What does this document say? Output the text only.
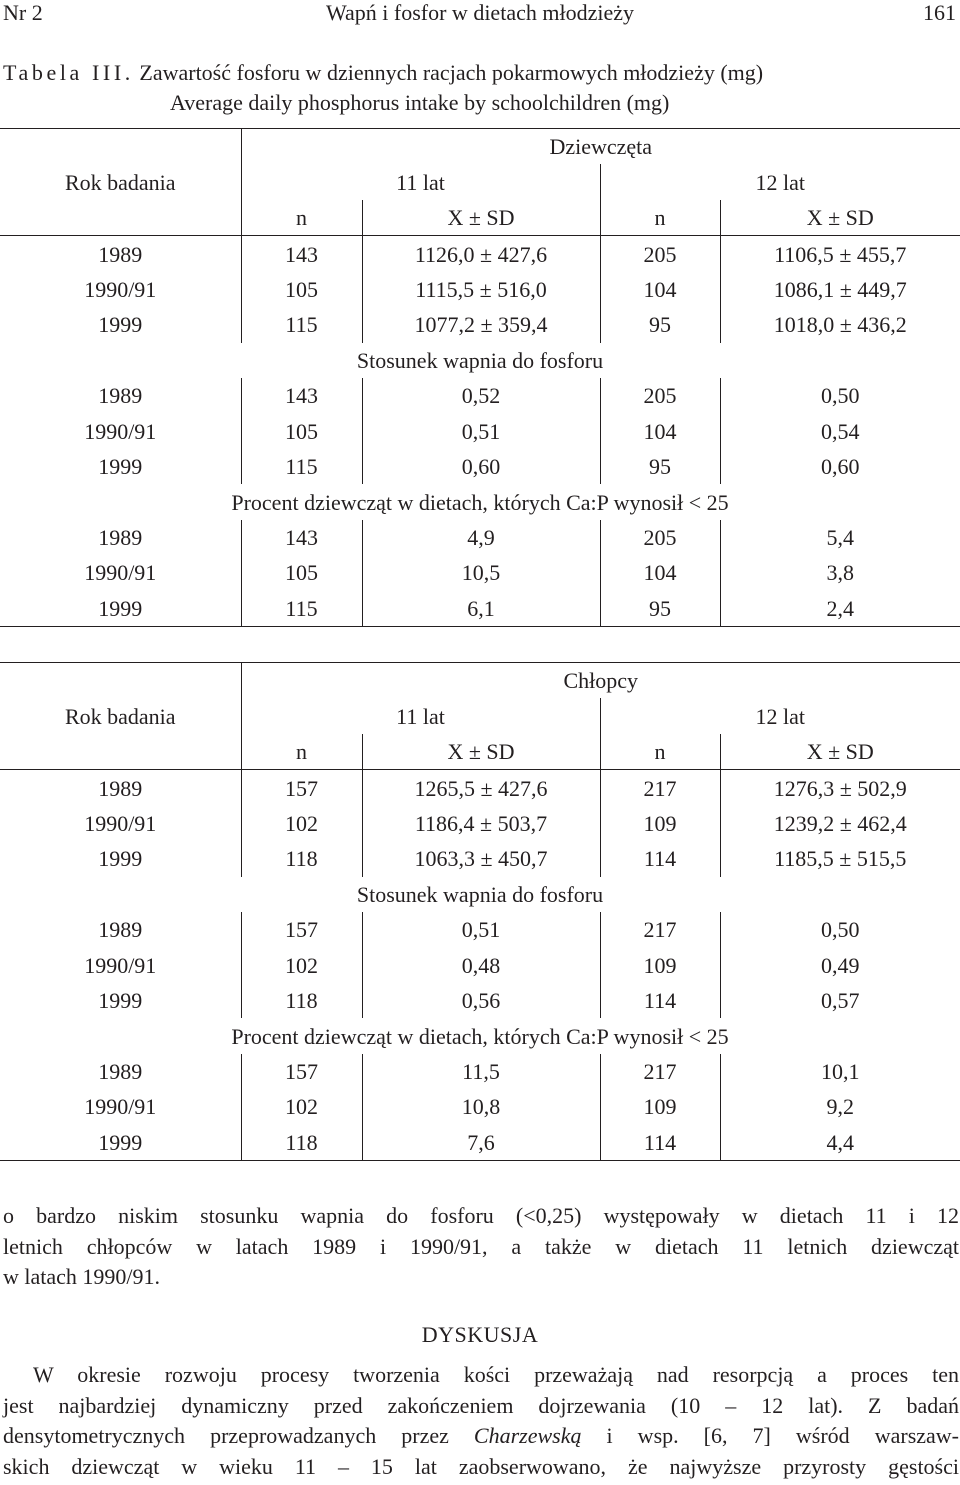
Nr 2	Wapń i fosfor w dietach młodzieży	161
Tabela III. Zawartość fosforu w dziennych racjach pokarmowych młodzieży (mg)
Average daily phosphorus intake by schoolchildren (mg)
Rok badania	Dziewczęta			
	11 lat		12 lat	
	n	X ± SD	n	X ± SD
1989	143	1126,0 ± 427,6	205	1106,5 ± 455,7
1990/91	105	1115,5 ± 516,0	104	1086,1 ± 449,7
1999	115	1077,2 ± 359,4	95	1018,0 ± 436,2
Stosunek wapnia do fosforu				
1989	143	0,52	205	0,50
1990/91	105	0,51	104	0,54
1999	115	0,60	95	0,60
Procent dziewcząt w dietach, których Ca:P wynosił < 25				
1989	143	4,9	205	5,4
1990/91	105	10,5	104	3,8
1999	115	6,1	95	2,4
Rok badania	Chłopcy			
	11 lat		12 lat	
	n	X ± SD	n	X ± SD
1989	157	1265,5 ± 427,6	217	1276,3 ± 502,9
1990/91	102	1186,4 ± 503,7	109	1239,2 ± 462,4
1999	118	1063,3 ± 450,7	114	1185,5 ± 515,5
Stosunek wapnia do fosforu				
1989	157	0,51	217	0,50
1990/91	102	0,48	109	0,49
1999	118	0,56	114	0,57
Procent dziewcząt w dietach, których Ca:P wynosił < 25				
1989	157	11,5	217	10,1
1990/91	102	10,8	109	9,2
1999	118	7,6	114	4,4
o bardzo niskim stosunku wapnia do fosforu (<0,25) występowały w dietach 11 i 12
letnich chłopców w latach 1989 i 1990/91, a także w dietach 11 letnich dziewcząt
w latach 1990/91.
DYSKUSJA
W okresie rozwoju procesy tworzenia kości przeważają nad resorpcją a proces ten
jest najbardziej dynamiczny przed zakończeniem dojrzewania (10 – 12 lat). Z badań
densytometrycznych przeprowadzanych przez Charzewską i wsp. [6, 7] wśród warszaw-
skich dziewcząt w wieku 11 – 15 lat zaobserwowano, że najwyższe przyrosty gęstości
